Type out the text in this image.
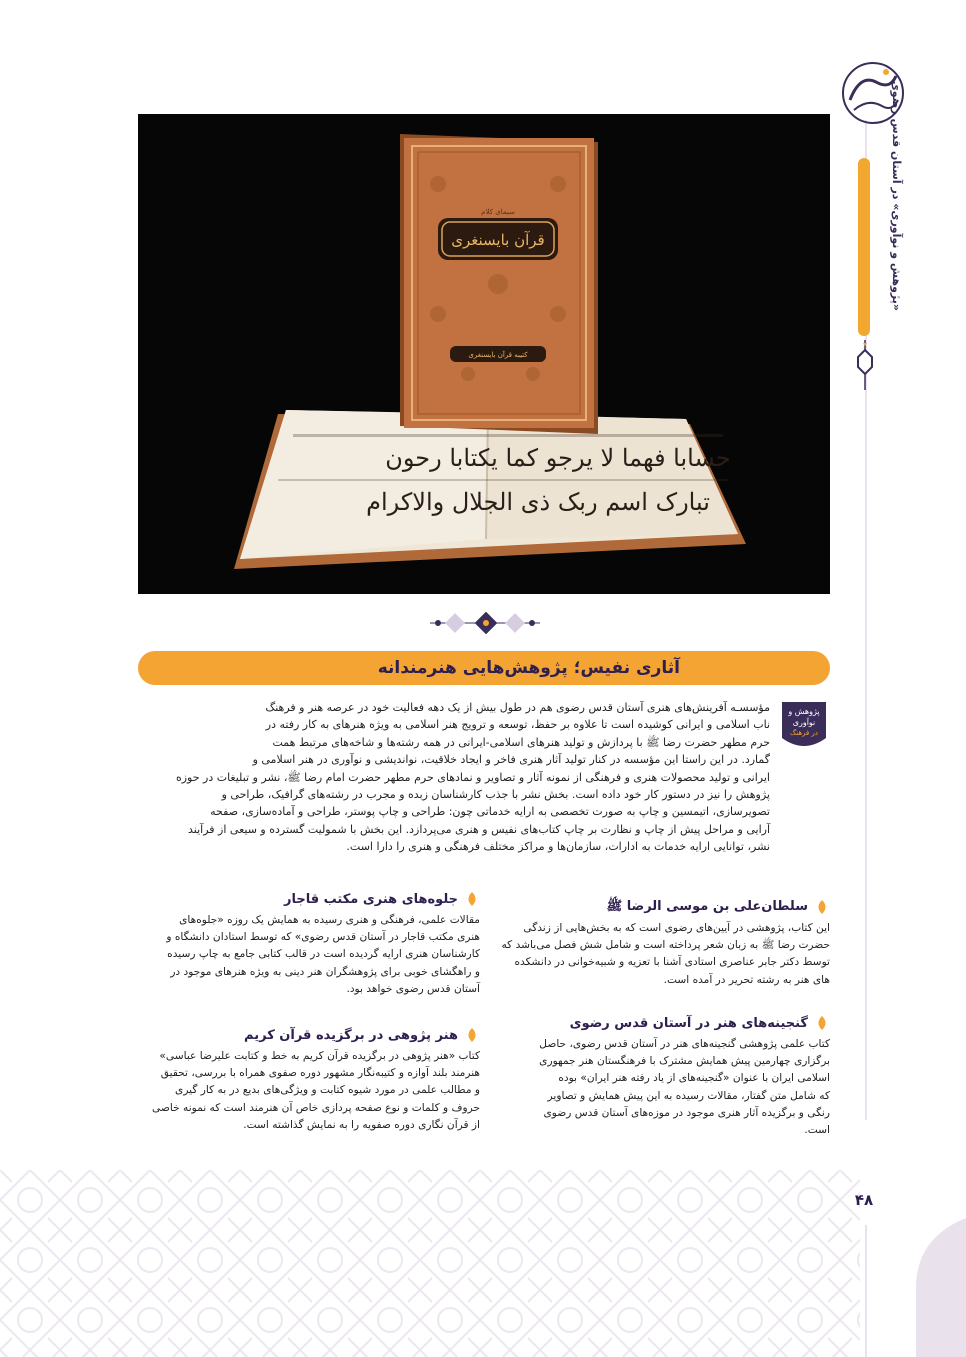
«پژوهش و نوآوری» در آستان قدس رضوی
حسابا فهما لا یرجو کما یکتابا رحون
تبارک اسم ربک ذی الجلال والاکرام
قرآن بایسنغری
سیمای کلام
کتیبه قرآن بایسنغری
آثاری نفیس؛ پژوهش‌هایی هنرمندانه
پژوهش و
نوآوری
در فرهنگ
مؤسسـه آفرینش‌های هنری آستان قدس رضوی هم در طول بیش از یک دهه فعالیت خود در عرصه هنر و فرهنگ
ناب اسلامی و ایرانی کوشیده است تا علاوه بر حفظ، توسعه و ترویج هنر اسلامی به ویژه هنرهای به کار رفته در
حرم مطهر حضرت رضا ﷺ با پردازش و تولید هنرهای اسلامی-ایرانی در همه رشته‌ها و شاخه‌های مرتبط همت
گمارد. در این راستا این مؤسسه در کنار تولید آثار هنری فاخر و ایجاد خلاقیت، نواندیشی و نوآوری در هنر اسلامی و
ایرانی و تولید محصولات هنری و فرهنگی از نمونه آثار و تصاویر و نمادهای حرم مطهر حضرت امام رضا ﷺ، نشر و تبلیغات در حوزه
پژوهش را نیز در دستور کار خود داده است. بخش نشر با جذب کارشناسان زبده و مجرب در رشته‌های گرافیک، طراحی و
تصویرسازی، ‌اتیمسین و چاپ به صورت تخصصی به ارایه خدماتی چون: طراحی و چاپ پوستر، طراحی و آماده‌سازی، صفحه
آرایی و مراحل پیش از چاپ و نظارت بر چاپ کتاب‌های نفیس و هنری می‌پردازد. این بخش با شمولیت گسترده و سیعی از فرآیند
نشر، توانایی ارایه خدمات به ادارات، سازمان‌ها و مراکز مختلف فرهنگی و هنری را دارا است.
سلطان‌علی بن موسی الرضا ﷺ
این کتاب، پژوهشی در آیین‌های رضوی است که به بخش‌هایی از زندگی
حضرت رضا ﷺ به زبان شعر پرداخته است و شامل شش فصل می‌باشد که
توسط دکتر جابر عناصری استادی آشنا با تعزیه و شبیه‌خوانی در دانشکده
های هنر به رشته تحریر در آمده است.
گنجینه‌های هنر در آستان قدس رضوی
کتاب علمی پژوهشی گنجینه‌های هنر در آستان قدس رضوی، حاصل
برگزاری چهارمین پیش همایش مشترک با فرهنگستان هنر جمهوری
اسلامی ایران با عنوان «گنجینه‌های از یاد رفته هنر ایران» بوده
که شامل متن گفتار، مقالات رسیده به این پیش همایش و تصاویر
رنگی و برگزیده آثار هنری موجود در موزه‌های آستان قدس رضوی
است.
جلوه‌های هنری مکتب قاجار
مقالات علمی، فرهنگی و هنری رسیده به همایش یک روزه «جلوه‌های
هنری مکتب قاجار در آستان قدس رضوی» که توسط استادان دانشگاه و
کارشناسان هنری ارایه گردیده است در قالب کتابی جامع به چاپ رسیده
و راهگشای خوبی برای پژوهشگران هنر دینی به ویژه هنرهای موجود در
آستان قدس رضوی خواهد بود.
هنر پژوهی در برگزیده قرآن کریم
کتاب «هنر پژوهی در برگزیده قرآن کریم به خط و کتابت علیرضا عباسی»
هنرمند بلند آوازه و کتیبه‌نگار مشهور دوره صفوی همراه با بررسی، تحقیق
و مطالب علمی در مورد شیوه کتابت و ویژگی‌های بدیع در به کار گیری
حروف و کلمات و نوع صفحه پردازی خاص آن هنرمند است که نمونه خاصی
از قرآن نگاری دوره صفویه را به نمایش گذاشته است.
۴۸
